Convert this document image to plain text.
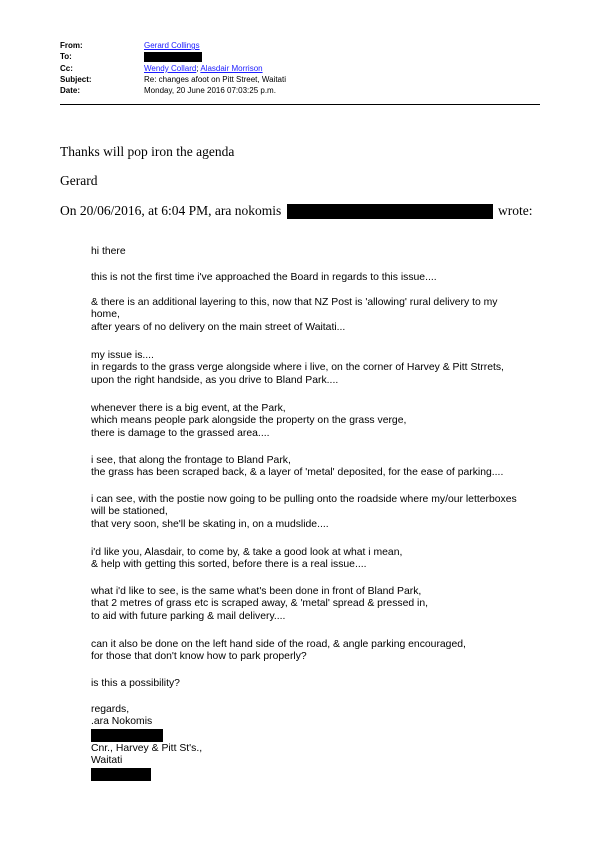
From:	Gerard Collings
To:
Cc:	Wendy Collard; Alasdair Morrison
Subject:	Re: changes afoot on Pitt Street, Waitati
Date:	Monday, 20 June 2016 07:03:25 p.m.
Thanks will pop iron the agenda
Gerard
On 20/06/2016, at 6:04 PM, ara nokomis	wrote:
hi there
this is not the first time i've approached the Board in regards to this issue....
& there is an additional layering to this, now that NZ Post is 'allowing' rural delivery to my
home,
after years of no delivery on the main street of Waitati...
my issue is....
in regards to the grass verge alongside where i live, on the corner of Harvey & Pitt Strrets,
upon the right handside, as you drive to Bland Park....
whenever there is a big event, at the Park,
which means people park alongside the property on the grass verge,
there is damage to the grassed area....
i see, that along the frontage to Bland Park,
the grass has been scraped back, & a layer of 'metal' deposited, for the ease of parking....
i can see, with the postie now going to be pulling onto the roadside where my/our letterboxes
will be stationed,
that very soon, she'll be skating in, on a mudslide....
i'd like you, Alasdair, to come by, & take a good look at what i mean,
& help with getting this sorted, before there is a real issue....
what i'd like to see, is the same what's been done in front of Bland Park,
that 2 metres of grass etc is scraped away, & 'metal' spread & pressed in,
to aid with future parking & mail delivery....
can it also be done on the left hand side of the road, & angle parking encouraged,
for those that don't know how to park properly?
is this a possibility?
regards,
.ara Nokomis
Cnr., Harvey & Pitt St's.,
Waitati
